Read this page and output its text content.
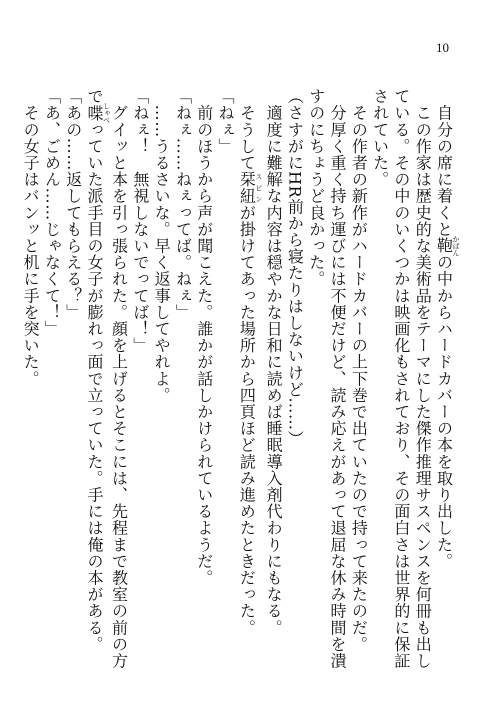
10

　自分の席に着くと鞄かばんの中からハードカバーの本を取り出した。

　この作家は歴史的な美術品をテーマにした傑作推理サスペンスを何冊も出している。その中のいくつかは映画化もされており、その面白さは世界的に保証されていた。

　その作者の新作がハードカバーの上下巻で出ていたので持って来たのだ。

　分厚く重く持ち運びには不便だけど、読み応えがあって退屈な休み時間を潰すのにちょうど良かった。

（さすがにHR前から寝たりはしないけど……）

　適度に難解な内容は穏やかな日和に読めば睡眠導入剤代わりにもなる。

　そうして栞紐スピンが掛けてあった場所から四頁ほど読み進めたときだった。

「ねぇ」

　前のほうから声が聞こえた。誰かが話しかけられているようだ。

「ねぇ……ねぇってば。ねぇ」

　……うるさいな。早く返事してやれよ。

「ねぇ！　無視しないでってば！」

　グイッと本を引っ張られた。顔を上げるとそこには、先程まで教室の前の方で喋しゃべっていた派手目の女子が膨れっ面で立っていた。手には俺の本がある。

「あの……返してもらえる？」

「あ、ごめん……じゃなくて！」

　その女子はバンッと机に手を突いた。
